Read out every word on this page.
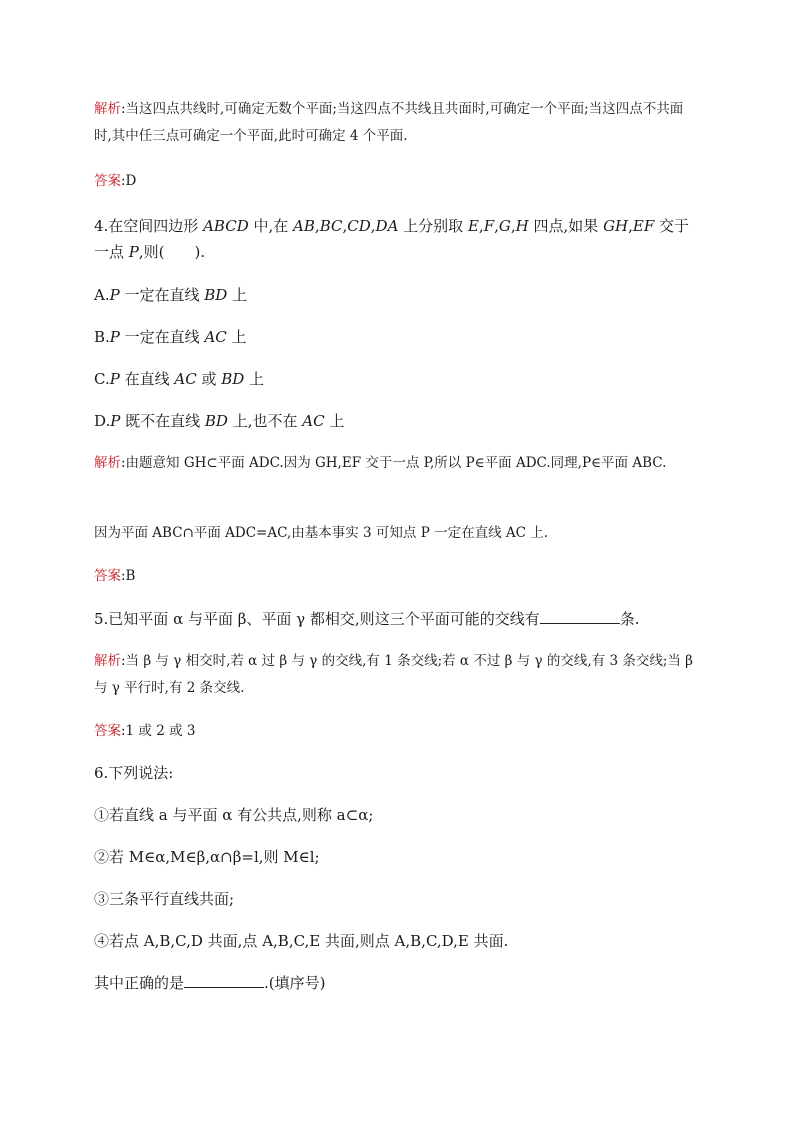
解析:当这四点共线时,可确定无数个平面;当这四点不共线且共面时,可确定一个平面;当这四点不共面时,其中任三点可确定一个平面,此时可确定 4 个平面.
答案:D
4.在空间四边形 ABCD 中,在 AB,BC,CD,DA 上分别取 E,F,G,H 四点,如果 GH,EF 交于一点 P,则(　　).
A.P 一定在直线 BD 上
B.P 一定在直线 AC 上
C.P 在直线 AC 或 BD 上
D.P 既不在直线 BD 上,也不在 AC 上
解析:由题意知 GH⊂平面 ADC.因为 GH,EF 交于一点 P,所以 P∈平面 ADC.同理,P∈平面 ABC.
因为平面 ABC∩平面 ADC=AC,由基本事实 3 可知点 P 一定在直线 AC 上.
答案:B
5.已知平面 α 与平面 β、平面 γ 都相交,则这三个平面可能的交线有	条.
解析:当 β 与 γ 相交时,若 α 过 β 与 γ 的交线,有 1 条交线;若 α 不过 β 与 γ 的交线,有 3 条交线;当 β 与 γ 平行时,有 2 条交线.
答案:1 或 2 或 3
6.下列说法:
①若直线 a 与平面 α 有公共点,则称 a⊂α;
②若 M∈α,M∈β,α∩β=l,则 M∈l;
③三条平行直线共面;
④若点 A,B,C,D 共面,点 A,B,C,E 共面,则点 A,B,C,D,E 共面.
其中正确的是	.(填序号)
